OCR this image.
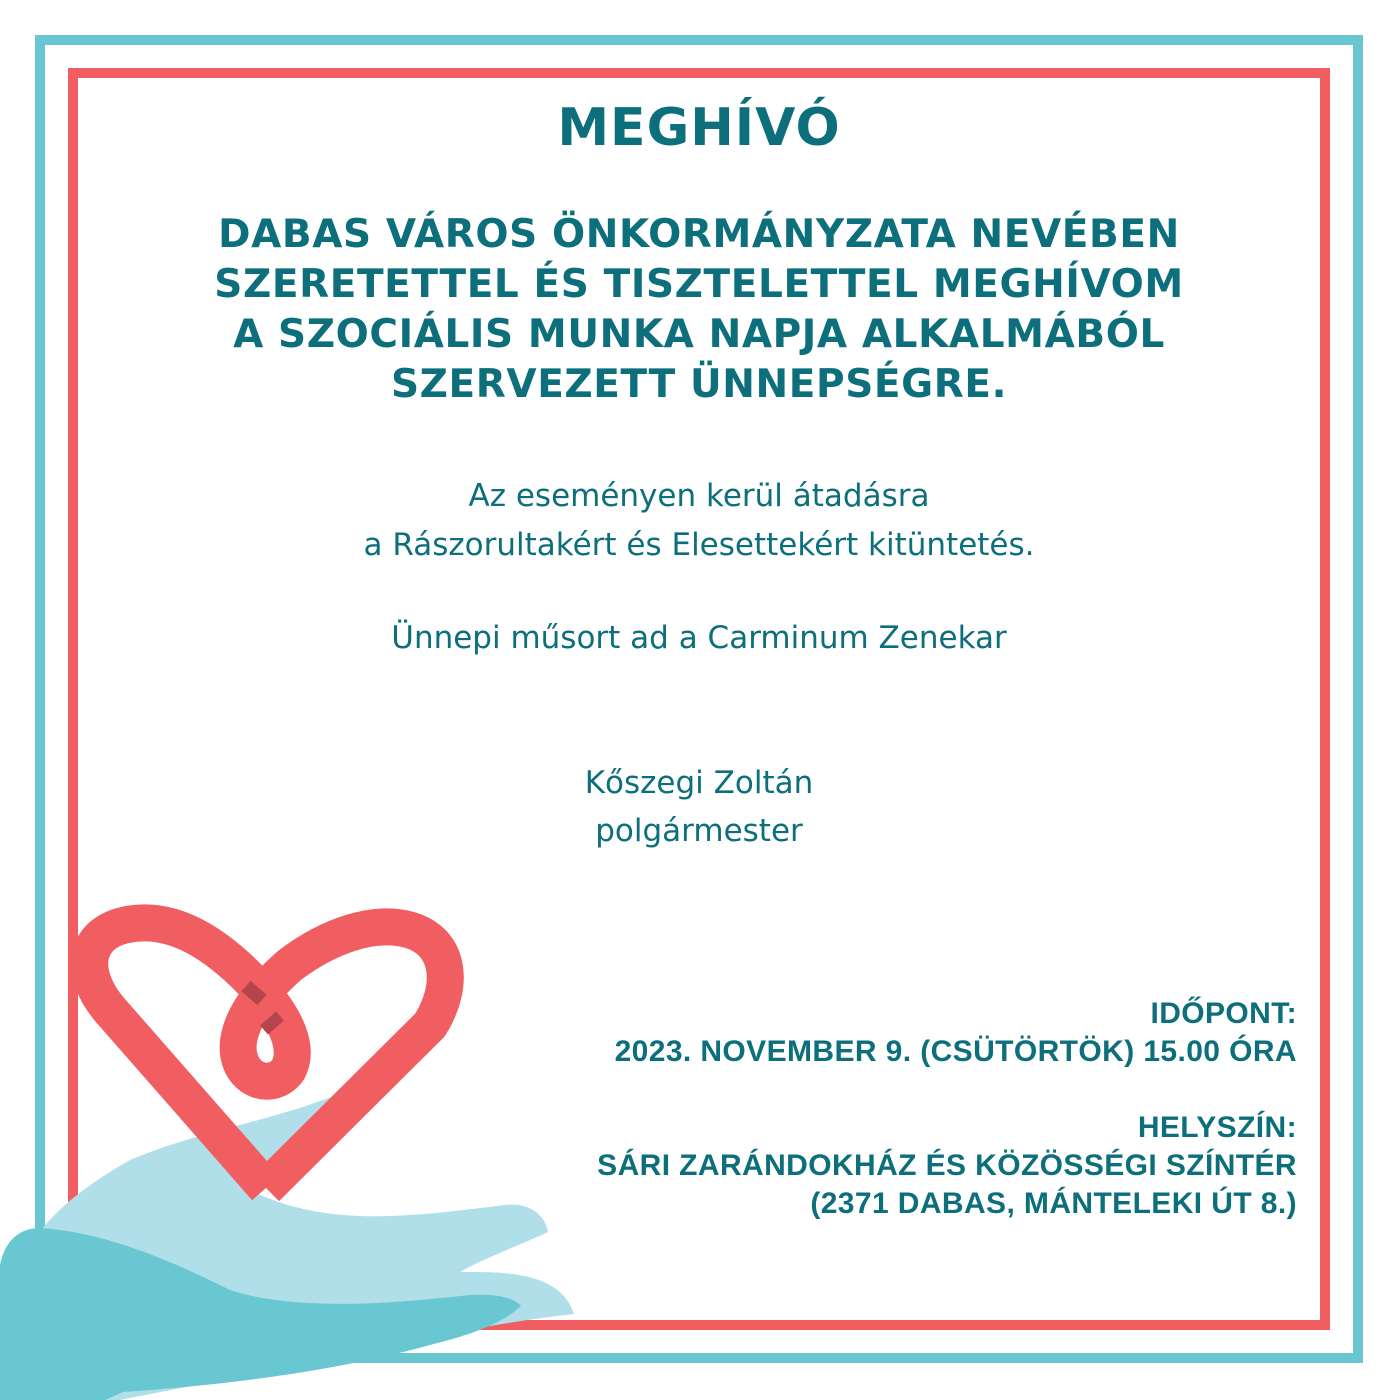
MEGHÍVÓ
DABAS VÁROS ÖNKORMÁNYZATA NEVÉBEN
SZERETETTEL ÉS TISZTELETTEL MEGHÍVOM
A SZOCIÁLIS MUNKA NAPJA ALKALMÁBÓL
SZERVEZETT ÜNNEPSÉGRE.
Az eseményen kerül átadásra
a Rászorultakért és Elesettekért kitüntetés.
Ünnepi műsort ad a Carminum Zenekar
Kőszegi Zoltán
polgármester
IDŐPONT:
2023. NOVEMBER 9. (CSÜTÖRTÖK) 15.00 ÓRA
HELYSZÍN:
SÁRI ZARÁNDOKHÁZ ÉS KÖZÖSSÉGI SZÍNTÉR
(2371 DABAS, MÁNTELEKI ÚT 8.)
